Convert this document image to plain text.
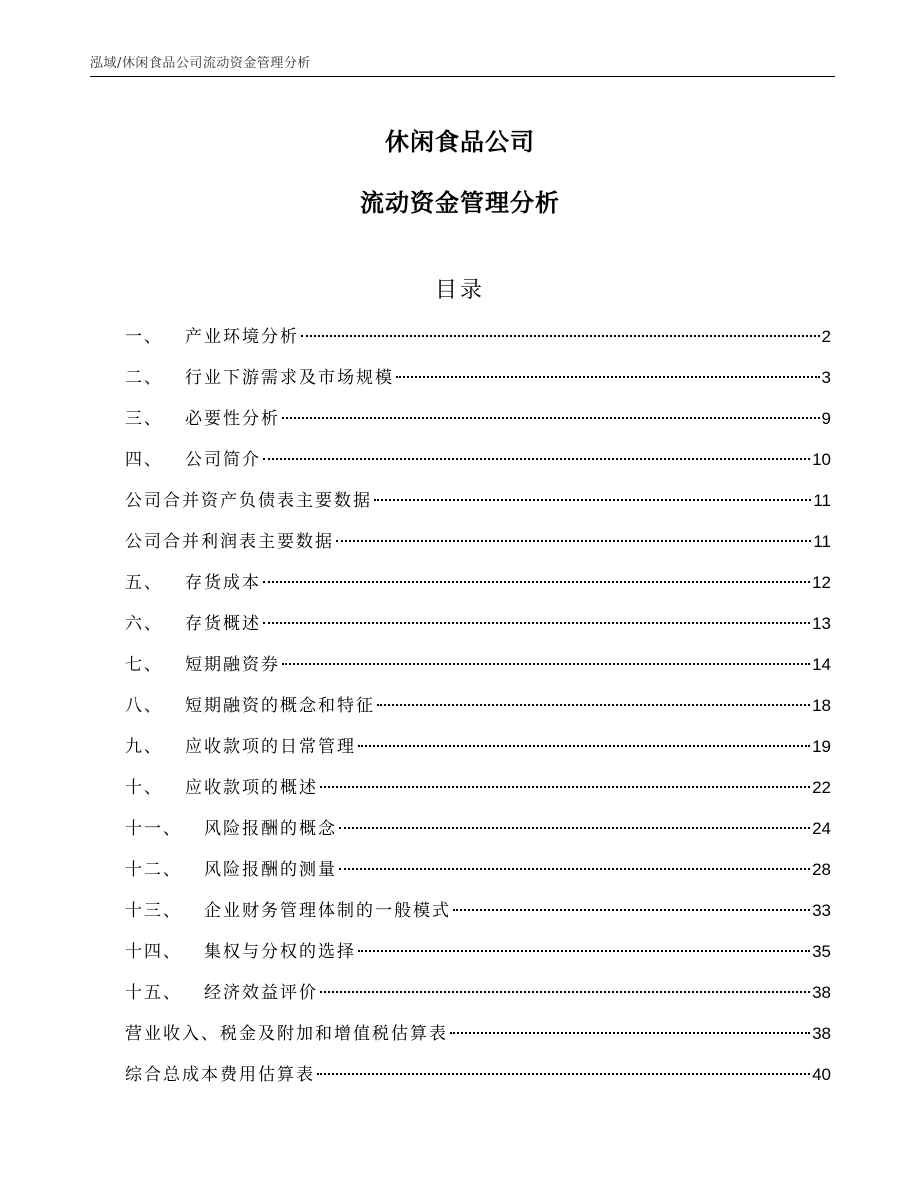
泓域/休闲食品公司流动资金管理分析
休闲食品公司
流动资金管理分析
目录
一、 产业环境分析	2
二、 行业下游需求及市场规模	3
三、 必要性分析	9
四、 公司简介	10
公司合并资产负债表主要数据	11
公司合并利润表主要数据	11
五、 存货成本	12
六、 存货概述	13
七、 短期融资券	14
八、 短期融资的概念和特征	18
九、 应收款项的日常管理	19
十、 应收款项的概述	22
十一、 风险报酬的概念	24
十二、 风险报酬的测量	28
十三、 企业财务管理体制的一般模式	33
十四、 集权与分权的选择	35
十五、 经济效益评价	38
营业收入、税金及附加和增值税估算表	38
综合总成本费用估算表	40
